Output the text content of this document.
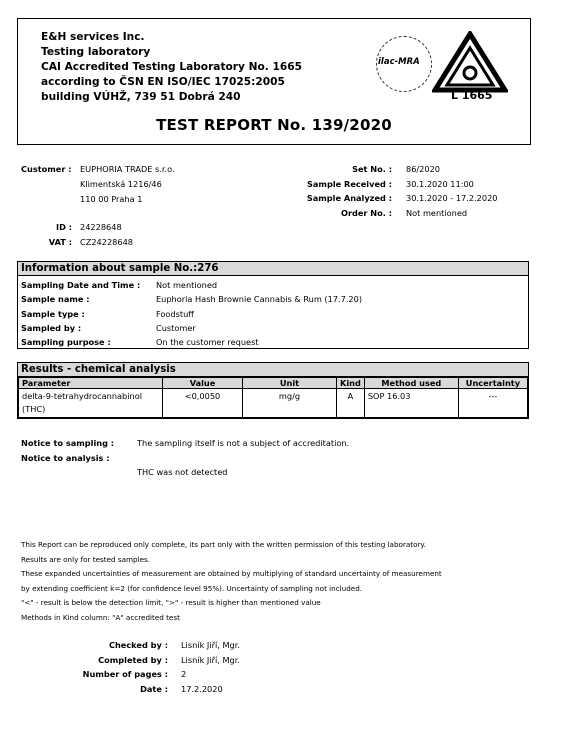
E&H services Inc.
Testing laboratory
CAI Accredited Testing Laboratory No. 1665
according to ČSN EN ISO/IEC 17025:2005
building VÚHŽ, 739 51 Dobrá 240
ilac-MRA
L 1665
TEST REPORT No. 139/2020
Customer : EUPHORIA TRADE s.r.o.
Klimentská 1216/46
110 00 Praha 1
ID : 24228648
VAT : CZ24228648
Set No. : 86/2020
Sample Received : 30.1.2020 11:00
Sample Analyzed : 30.1.2020 - 17.2.2020
Order No. : Not mentioned
Information about sample No.:276
Sampling Date and Time : Not mentioned
Sample name :	Euphoria Hash Brownie Cannabis & Rum (17.7.20)
Sample type :	Foodstuff
Sampled by :	Customer
Sampling purpose :	On the customer request
Results - chemical analysis
Parameter	Value	Unit	Kind	Method used	Uncertainty
delta-9-tetrahydrocannabinol (THC)	<0,0050	mg/g	A	SOP 16.03	---
Notice to sampling :	The sampling itself is not a subject of accreditation.
Notice to analysis :
THC was not detected
This Report can be reproduced only complete, its part only with the written permission of this testing laboratory.
Results are only for tested samples.
These expanded uncertainties of measurement are obtained by multiplying of standard uncertainty of measurement
by extending coefficient k=2 (for confidence level 95%). Uncertainty of sampling not included.
"<" - result is below the detection limit, ">" - result is higher than mentioned value
Methods in Kind column: "A" accredited test
Checked by : Lisník Jiří, Mgr.
Completed by : Lisník Jiří, Mgr.
Number of pages : 2
Date : 17.2.2020
